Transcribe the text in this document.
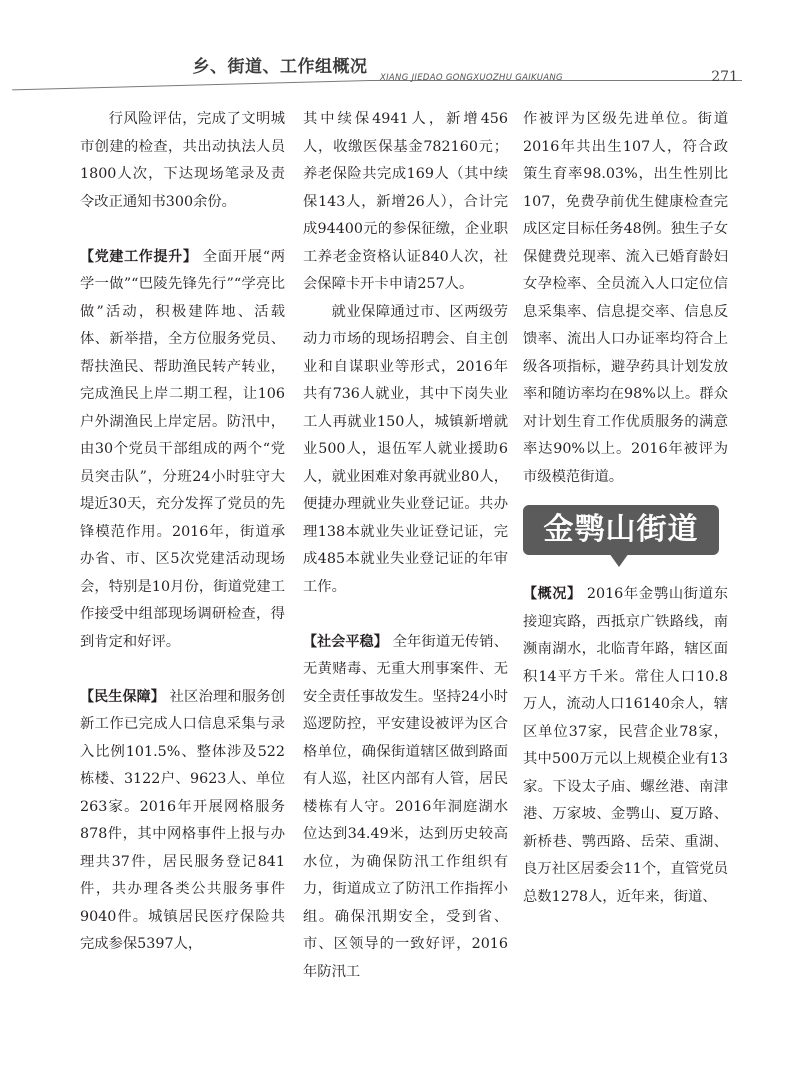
乡、街道、工作组概况
XIANG JIEDAO GONGXUOZHU GAIKUANG	271

行风险评估，完成了文明城市创建的检查，共出动执法人员1800人次，下达现场笔录及责令改正通知书300余份。

【党建工作提升】 全面开展“两学一做”“巴陵先锋先行”“学亮比做”活动，积极建阵地、活载体、新举措，全方位服务党员、帮扶渔民、帮助渔民转产转业，完成渔民上岸二期工程，让106户外湖渔民上岸定居。防汛中，由30个党员干部组成的两个“党员突击队”，分班24小时驻守大堤近30天，充分发挥了党员的先锋模范作用。2016年，街道承办省、市、区5次党建活动现场会，特别是10月份，街道党建工作接受中组部现场调研检查，得到肯定和好评。

【民生保障】 社区治理和服务创新工作已完成人口信息采集与录入比例101.5%、整体涉及522栋楼、3122户、9623人、单位263家。2016年开展网格服务878件，其中网格事件上报与办理共37件，居民服务登记841件，共办理各类公共服务事件9040件。城镇居民医疗保险共完成参保5397人，

其中续保4941人，新增456人，收缴医保基金782160元；养老保险共完成169人（其中续保143人，新增26人），合计完成94400元的参保征缴，企业职工养老金资格认证840人次，社会保障卡开卡申请257人。

就业保障通过市、区两级劳动力市场的现场招聘会、自主创业和自谋职业等形式，2016年共有736人就业，其中下岗失业工人再就业150人，城镇新增就业500人，退伍军人就业援助6人，就业困难对象再就业80人，便捷办理就业失业登记证。共办理138本就业失业证登记证，完成485本就业失业登记证的年审工作。

【社会平稳】 全年街道无传销、无黄赌毒、无重大刑事案件、无安全责任事故发生。坚持24小时巡逻防控，平安建设被评为区合格单位，确保街道辖区做到路面有人巡，社区内部有人管，居民楼栋有人守。2016年洞庭湖水位达到34.49米，达到历史较高水位，为确保防汛工作组织有力，街道成立了防汛工作指挥小组。确保汛期安全，受到省、市、区领导的一致好评，2016年防汛工

作被评为区级先进单位。街道2016年共出生107人，符合政策生育率98.03%，出生性别比107，免费孕前优生健康检查完成区定目标任务48例。独生子女保健费兑现率、流入已婚育龄妇女孕检率、全员流入人口定位信息采集率、信息提交率、信息反馈率、流出人口办证率均符合上级各项指标，避孕药具计划发放率和随访率均在98%以上。群众对计划生育工作优质服务的满意率达90%以上。2016年被评为市级模范街道。

金鹗山街道

【概况】 2016年金鹗山街道东接迎宾路，西抵京广铁路线，南濒南湖水，北临青年路，辖区面积14平方千米。常住人口10.8万人，流动人口16140余人，辖区单位37家，民营企业78家，其中500万元以上规模企业有13家。下设太子庙、螺丝港、南津港、万家坡、金鹗山、夏万路、新桥巷、鹗西路、岳荣、重湖、良万社区居委会11个，直管党员总数1278人，近年来，街道、
